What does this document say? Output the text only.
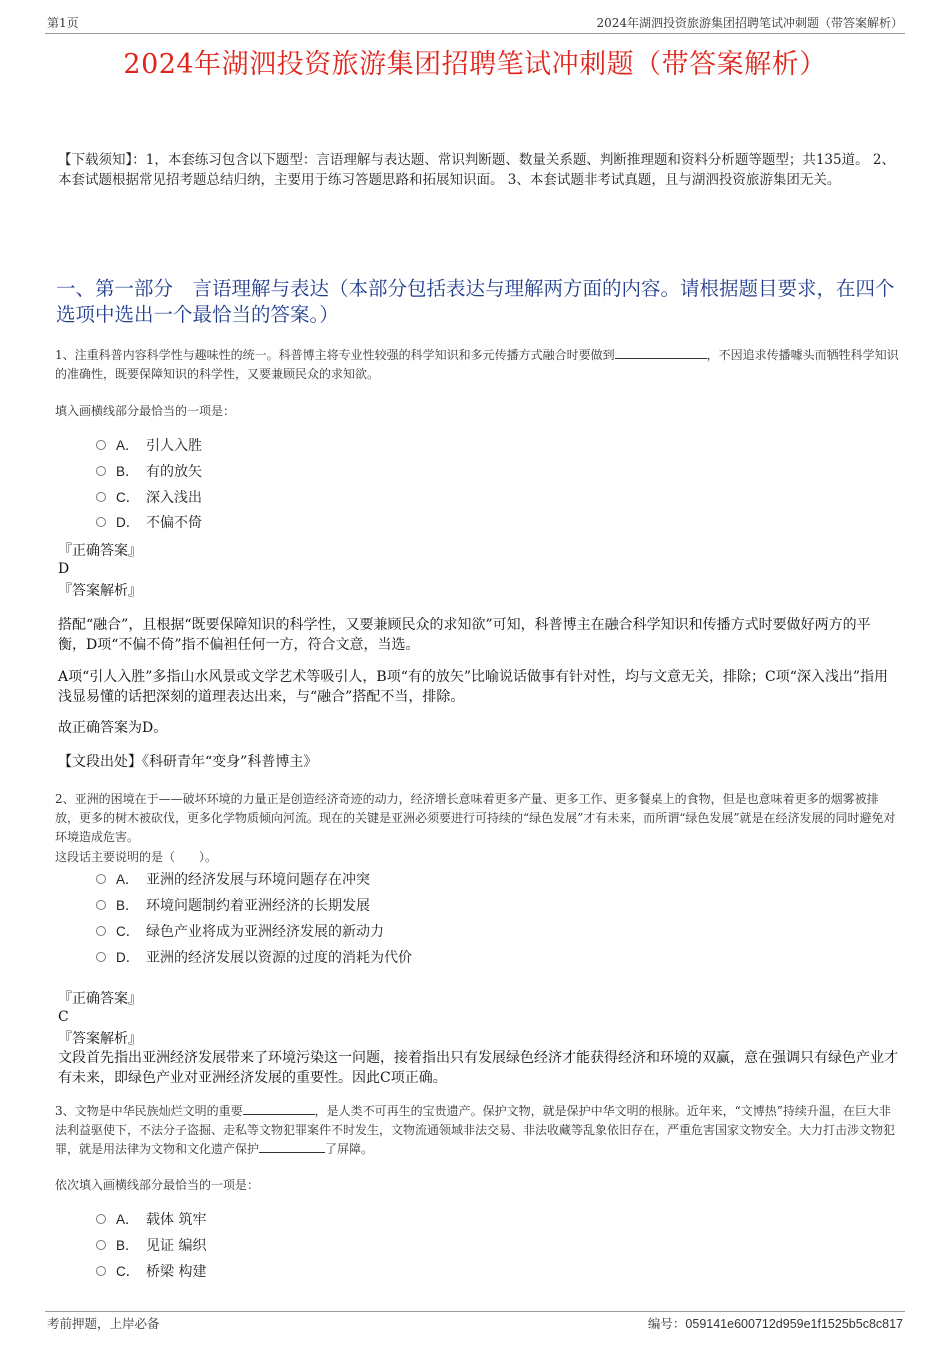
第1页	2024年湖泗投资旅游集团招聘笔试冲刺题（带答案解析）
2024年湖泗投资旅游集团招聘笔试冲刺题（带答案解析）
【下载须知】：1，本套练习包含以下题型：言语理解与表达题、常识判断题、数量关系题、判断推理题和资料分析题等题型；共135道。 2、本套试题根据常见招考题总结归纳，主要用于练习答题思路和拓展知识面。 3、本套试题非考试真题，且与湖泗投资旅游集团无关。
一、第一部分　言语理解与表达（本部分包括表达与理解两方面的内容。请根据题目要求，在四个选项中选出一个最恰当的答案。）
1、注重科普内容科学性与趣味性的统一。科普博主将专业性较强的科学知识和多元传播方式融合时要做到	，不因追求传播噱头而牺牲科学知识的准确性，既要保障知识的科学性，又要兼顾民众的求知欲。
填入画横线部分最恰当的一项是：
A． 引人入胜
B． 有的放矢
C． 深入浅出
D． 不偏不倚
『正确答案』
D
『答案解析』
搭配“融合”，且根据“既要保障知识的科学性，又要兼顾民众的求知欲”可知，科普博主在融合科学知识和传播方式时要做好两方的平衡，D项“不偏不倚”指不偏袒任何一方，符合文意，当选。
A项“引人入胜”多指山水风景或文学艺术等吸引人，B项“有的放矢”比喻说话做事有针对性，均与文意无关，排除；C项“深入浅出”指用浅显易懂的话把深刻的道理表达出来，与“融合”搭配不当，排除。
故正确答案为D。
【文段出处】《科研青年“变身”科普博主》
2、亚洲的困境在于——破坏环境的力量正是创造经济奇迹的动力，经济增长意味着更多产量、更多工作、更多餐桌上的食物，但是也意味着更多的烟雾被排放，更多的树木被砍伐，更多化学物质倾向河流。现在的关键是亚洲必须要进行可持续的“绿色发展”才有未来，而所谓“绿色发展”就是在经济发展的同时避免对环境造成危害。
这段话主要说明的是（　　）。
A． 亚洲的经济发展与环境问题存在冲突
B． 环境问题制约着亚洲经济的长期发展
C． 绿色产业将成为亚洲经济发展的新动力
D． 亚洲的经济发展以资源的过度的消耗为代价
『正确答案』
C
『答案解析』
文段首先指出亚洲经济发展带来了环境污染这一问题，接着指出只有发展绿色经济才能获得经济和环境的双赢，意在强调只有绿色产业才有未来，即绿色产业对亚洲经济发展的重要性。因此C项正确。
3、文物是中华民族灿烂文明的重要	，是人类不可再生的宝贵遗产。保护文物，就是保护中华文明的根脉。近年来，“文博热”持续升温，在巨大非法利益驱使下，不法分子盗掘、走私等文物犯罪案件不时发生，文物流通领域非法交易、非法收藏等乱象依旧存在，严重危害国家文物安全。大力打击涉文物犯罪，就是用法律为文物和文化遗产保护	了屏障。
依次填入画横线部分最恰当的一项是：
A． 载体 筑牢
B． 见证 编织
C． 桥梁 构建
考前押题，上岸必备	编号：059141e600712d959e1f1525b5c8c817
